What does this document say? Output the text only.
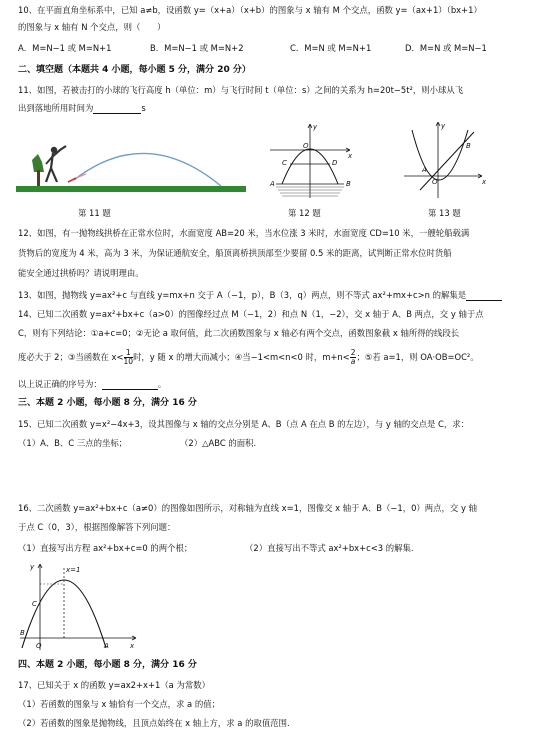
10、在平面直角坐标系中，已知 a≠b，设函数 y=（x+a）（x+b）的图象与 x 轴有 M 个交点，函数 y=（ax+1）（bx+1）
的图象与 x 轴有 N 个交点，则（　　）
A．M=N−1 或 M=N+1	B．M=N−1 或 M=N+2	C．M=N 或 M=N+1	D．M=N 或 M=N−1
二、填空题（本题共 4 小题，每小题 5 分，满分 20 分）
11、如图，若被击打的小球的飞行高度 h（单位：m）与飞行时间 t（单位：s）之间的关系为 h=20t−5t²，则小球从飞
出到落地所用时间为	s
第 11 题
y
x
O
C	D
A	B
第 12 题
y
x
A
B
O
第 13 题
12、如图，有一抛物线拱桥在正常水位时，水面宽度 AB=20 米，当水位涨 3 米时，水面宽度 CD=10 米，一艘轮船载满
货物后的宽度为 4 米，高为 3 米，为保证通航安全，船顶离桥拱顶部至少要留 0.5 米的距离，试判断正常水位时货船
能安全通过拱桥吗？请说明理由。
13、如图，抛物线 y=ax²+c 与直线 y=mx+n 交于 A（−1，p），B（3，q）两点，则不等式 ax²+mx+c>n 的解集是
14、已知二次函数 y=ax²+bx+c（a>0）的图像经过点 M（−1，2）和点 N（1，−2），交 x 轴于 A、B 两点，交 y 轴于点
C，则有下列结论：①a+c=0；②无论 a 取何值，此二次函数图象与 x 轴必有两个交点，函数图象截 x 轴所得的线段长
度必大于 2；③当函数在 $x< \frac{1}{10}$ 时，y 随 x 的增大而减小；④当−1<m<n<0 时，$m+n< \frac{2}{a}$ ；⑤若 a=1，则 OA·OB=OC²。
以上说正确的序号为：	。
三、本题 2 小题，每小题 8 分，满分 16 分
15、已知二次函数 y=x²−4x+3，设其图像与 x 轴的交点分别是 A、B（点 A 在点 B 的左边），与 y 轴的交点是 C，求：
（1）A、B、C 三点的坐标；	（2）△ABC 的面积.
16、二次函数 y=ax²+bx+c（a≠0）的图像如图所示，对称轴为直线 x=1，图像交 x 轴于 A、B（−1，0）两点，交 y 轴
于点 C（0，3），根据图像解答下列问题：
（1）直接写出方程 ax²+bx+c=0 的两个根；	（2）直接写出不等式 ax²+bx+c<3 的解集.
y	x=1
C
B
O	A	x
四、本题 2 小题，每小题 8 分，满分 16 分
17、已知关于 x 的函数 y=ax2+x+1（a 为常数）
（1）若函数的图象与 x 轴恰有一个交点，求 a 的值；
（2）若函数的图象是抛物线，且顶点始终在 x 轴上方，求 a 的取值范围.
